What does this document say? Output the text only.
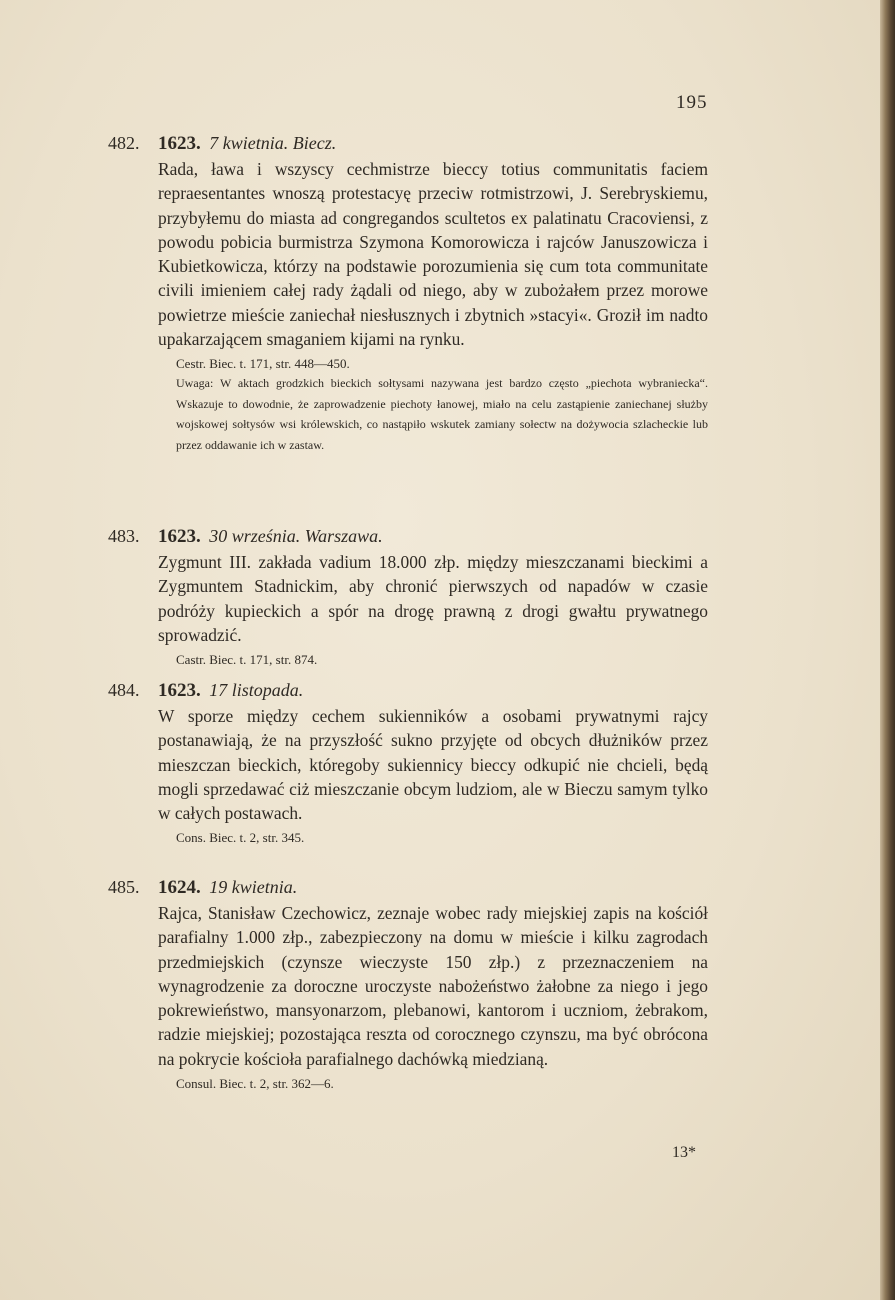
195
482. 1623. 7 kwietnia. Biecz.
Rada, ława i wszyscy cechmistrze bieccy totius communitatis faciem repraesentantes wnoszą protestacyę przeciw rotmistrzowi, J. Serebryskiemu, przybyłemu do miasta ad congregandos scultetos ex palatinatu Cracoviensi, z powodu pobicia burmistrza Szymona Komorowicza i rajców Januszowicza i Kubietkowicza, którzy na podstawie porozumienia się cum tota communitate civili imieniem całej rady żądali od niego, aby w zubożałem przez morowe powietrze mieście zaniechał niesłusznych i zbytnich »stacyi«. Groził im nadto upakarzającem smaganiem kijami na rynku.
Cestr. Biec. t. 171, str. 448—450.
Uwaga: W aktach grodzkich bieckich sołtysami nazywana jest bardzo często „piechota wybraniecka“. Wskazuje to dowodnie, że zaprowadzenie piechoty łanowej, miało na celu zastąpienie zaniechanej służby wojskowej sołtysów wsi królewskich, co nastąpiło wskutek zamiany sołectw na dożywocia szlacheckie lub przez oddawanie ich w zastaw.
483. 1623. 30 września. Warszawa.
Zygmunt III. zakłada vadium 18.000 złp. między mieszczanami bieckimi a Zygmuntem Stadnickim, aby chronić pierwszych od napadów w czasie podróży kupieckich a spór na drogę prawną z drogi gwałtu prywatnego sprowadzić.
Castr. Biec. t. 171, str. 874.
484. 1623. 17 listopada.
W sporze między cechem sukienników a osobami prywatnymi rajcy postanawiają, że na przyszłość sukno przyjęte od obcych dłużników przez mieszczan bieckich, któregoby sukiennicy bieccy odkupić nie chcieli, będą mogli sprzedawać ciż mieszczanie obcym ludziom, ale w Bieczu samym tylko w całych postawach.
Cons. Biec. t. 2, str. 345.
485. 1624. 19 kwietnia.
Rajca, Stanisław Czechowicz, zeznaje wobec rady miejskiej zapis na kościół parafialny 1.000 złp., zabezpieczony na domu w mieście i kilku zagrodach przedmiejskich (czynsze wieczyste 150 złp.) z przeznaczeniem na wynagrodzenie za doroczne uroczyste nabożeństwo żałobne za niego i jego pokrewieństwo, mansyonarzom, plebanowi, kantorom i uczniom, żebrakom, radzie miejskiej; pozostająca reszta od corocznego czynszu, ma być obrócona na pokrycie kościoła parafialnego dachówką miedzianą.
Consul. Biec. t. 2, str. 362—6.
13*
